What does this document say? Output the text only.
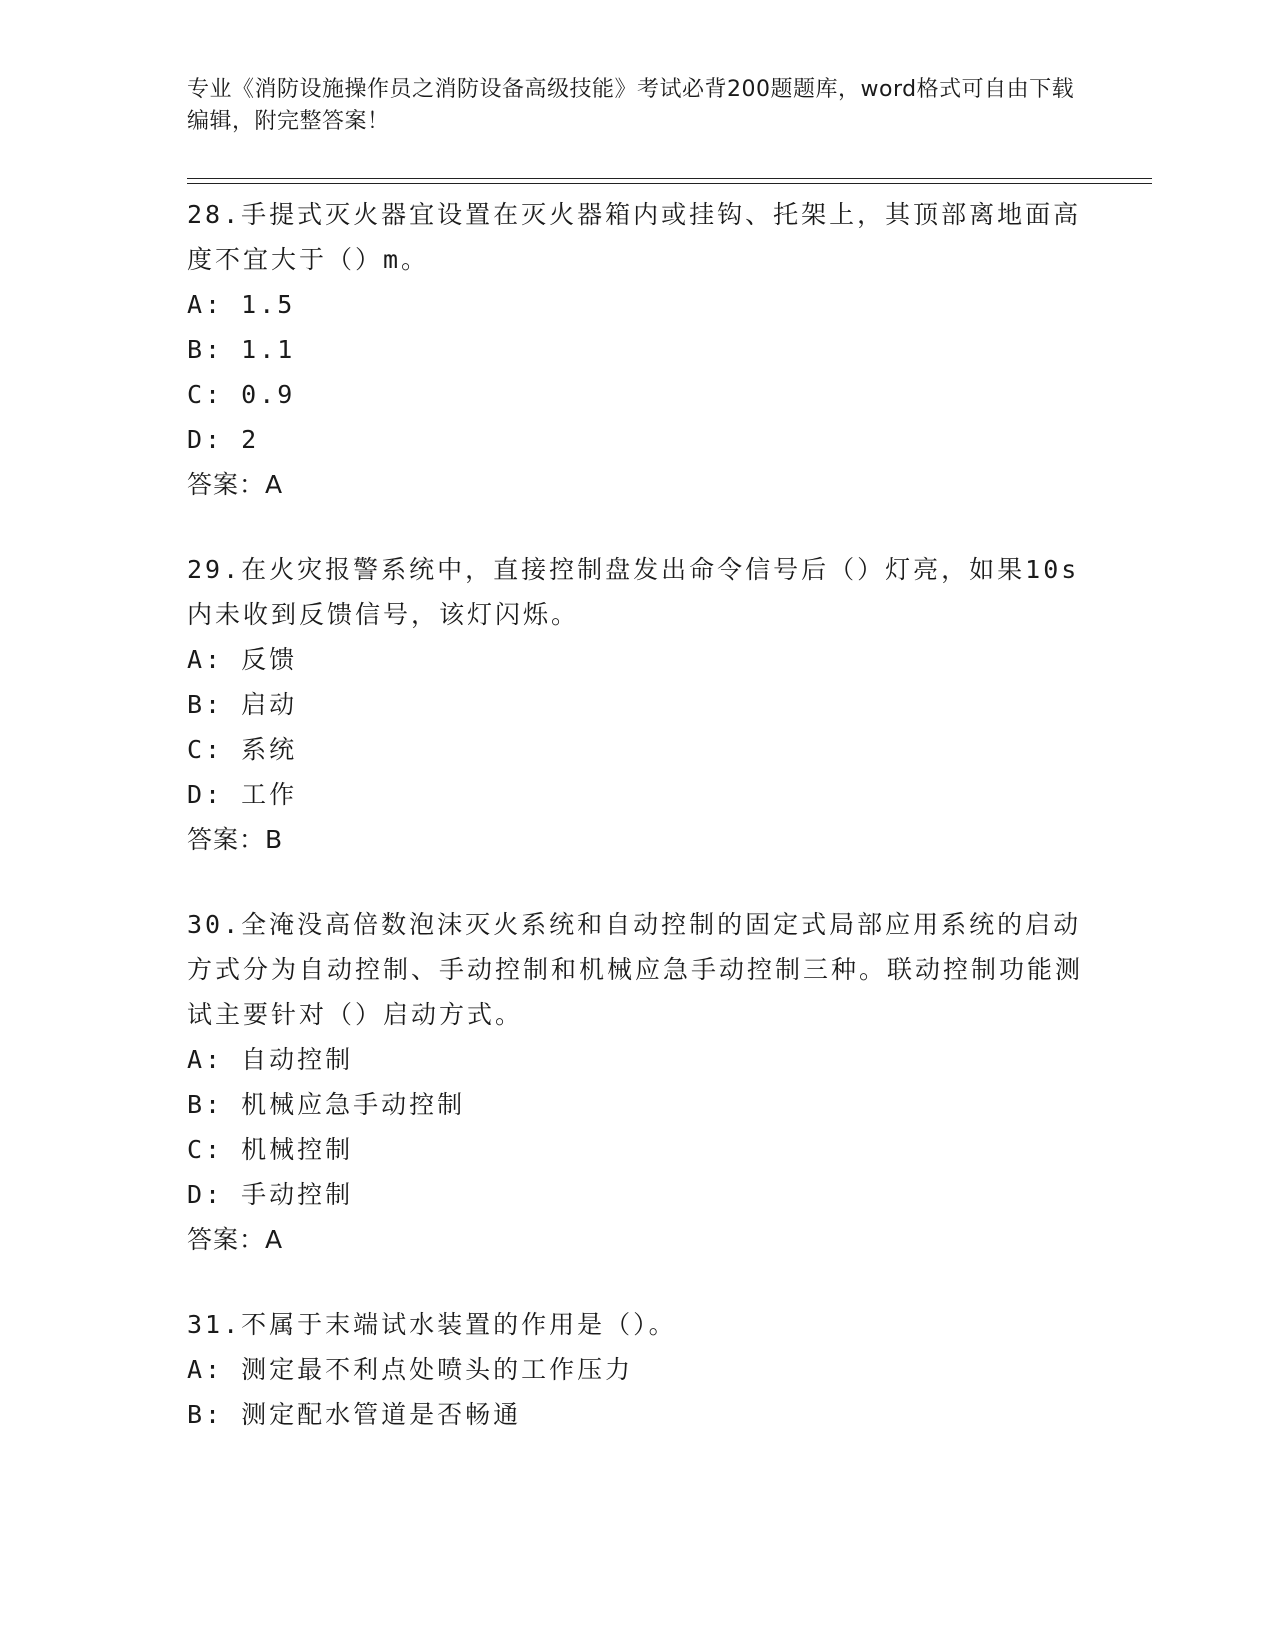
专业《消防设施操作员之消防设备高级技能》考试必背200题题库，word格式可自由下载编辑，附完整答案！

28.手提式灭火器宜设置在灭火器箱内或挂钩、托架上，其顶部离地面高度不宜大于（）m。

A: 1.5

B: 1.1

C: 0.9

D: 2

答案：A

29.在火灾报警系统中，直接控制盘发出命令信号后（）灯亮，如果10s内未收到反馈信号，该灯闪烁。

A: 反馈

B: 启动

C: 系统

D: 工作

答案：B

30.全淹没高倍数泡沫灭火系统和自动控制的固定式局部应用系统的启动方式分为自动控制、手动控制和机械应急手动控制三种。联动控制功能测试主要针对（）启动方式。

A: 自动控制

B: 机械应急手动控制

C: 机械控制

D: 手动控制

答案：A

31.不属于末端试水装置的作用是（）。

A: 测定最不利点处喷头的工作压力

B: 测定配水管道是否畅通
